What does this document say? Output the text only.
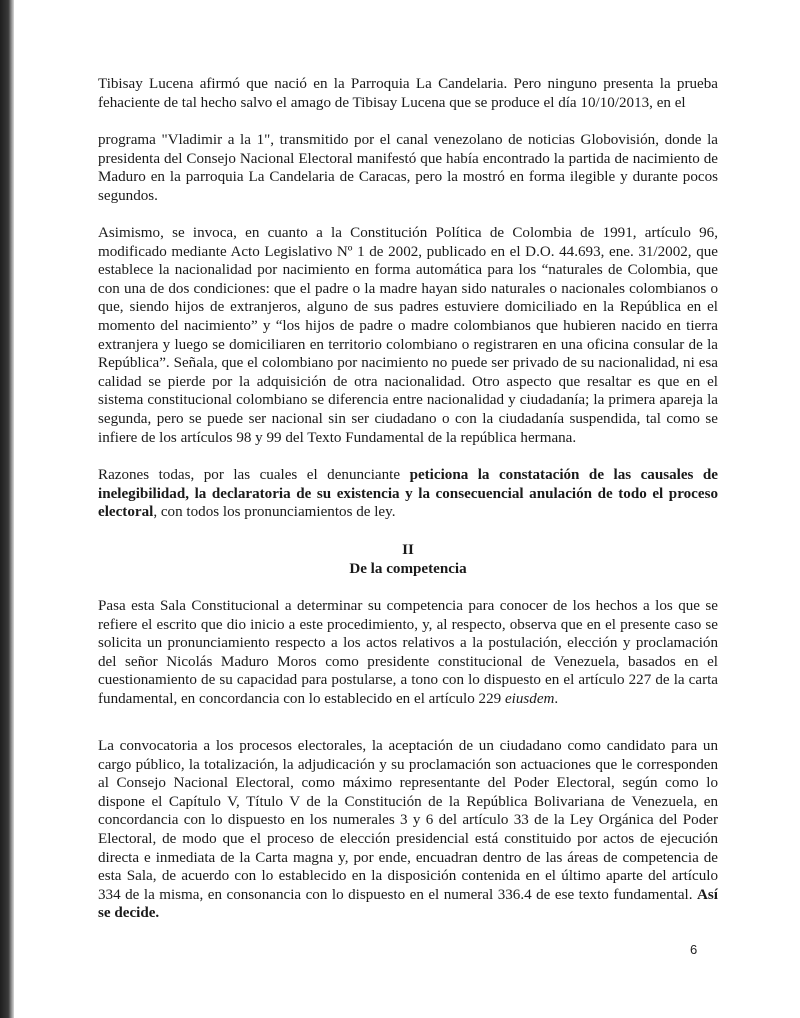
Tibisay Lucena afirmó que nació en la Parroquia La Candelaria. Pero ninguno presenta la prueba fehaciente de tal hecho salvo el amago de Tibisay Lucena que se produce el día 10/10/2013, en el

programa "Vladimir a la 1", transmitido por el canal venezolano de noticias Globovisión, donde la presidenta del Consejo Nacional Electoral manifestó que había encontrado la partida de nacimiento de Maduro en la parroquia La Candelaria de Caracas, pero la mostró en forma ilegible y durante pocos segundos.

Asimismo, se invoca, en cuanto a la Constitución Política de Colombia de 1991, artículo 96, modificado mediante Acto Legislativo Nº 1 de 2002, publicado en el D.O. 44.693, ene. 31/2002, que establece la nacionalidad por nacimiento en forma automática para los “naturales de Colombia, que con una de dos condiciones: que el padre o la madre hayan sido naturales o nacionales colombianos o que, siendo hijos de extranjeros, alguno de sus padres estuviere domiciliado en la República en el momento del nacimiento” y “los hijos de padre o madre colombianos que hubieren nacido en tierra extranjera y luego se domiciliaren en territorio colombiano o registraren en una oficina consular de la República”. Señala, que el colombiano por nacimiento no puede ser privado de su nacionalidad, ni esa calidad se pierde por la adquisición de otra nacionalidad. Otro aspecto que resaltar es que en el sistema constitucional colombiano se diferencia entre nacionalidad y ciudadanía; la primera apareja la segunda, pero se puede ser nacional sin ser ciudadano o con la ciudadanía suspendida, tal como se infiere de los artículos 98 y 99 del Texto Fundamental de la república hermana.

Razones todas, por las cuales el denunciante peticiona la constatación de las causales de inelegibilidad, la declaratoria de su existencia y la consecuencial anulación de todo el proceso electoral, con todos los pronunciamientos de ley.

II
De la competencia

Pasa esta Sala Constitucional a determinar su competencia para conocer de los hechos a los que se refiere el escrito que dio inicio a este procedimiento, y, al respecto, observa que en el presente caso se solicita un pronunciamiento respecto a los actos relativos a la postulación, elección y proclamación del señor Nicolás Maduro Moros como presidente constitucional de Venezuela, basados en el cuestionamiento de su capacidad para postularse, a tono con lo dispuesto en el artículo 227 de la carta fundamental, en concordancia con lo establecido en el artículo 229 eiusdem.

La convocatoria a los procesos electorales, la aceptación de un ciudadano como candidato para un cargo público, la totalización, la adjudicación y su proclamación son actuaciones que le corresponden al Consejo Nacional Electoral, como máximo representante del Poder Electoral, según como lo dispone el Capítulo V, Título V de la Constitución de la República Bolivariana de Venezuela, en concordancia con lo dispuesto en los numerales 3 y 6 del artículo 33 de la Ley Orgánica del Poder Electoral, de modo que el proceso de elección presidencial está constituido por actos de ejecución directa e inmediata de la Carta magna y, por ende, encuadran dentro de las áreas de competencia de esta Sala, de acuerdo con lo establecido en la disposición contenida en el último aparte del artículo 334 de la misma, en consonancia con lo dispuesto en el numeral 336.4 de ese texto fundamental. Así se decide.

6
